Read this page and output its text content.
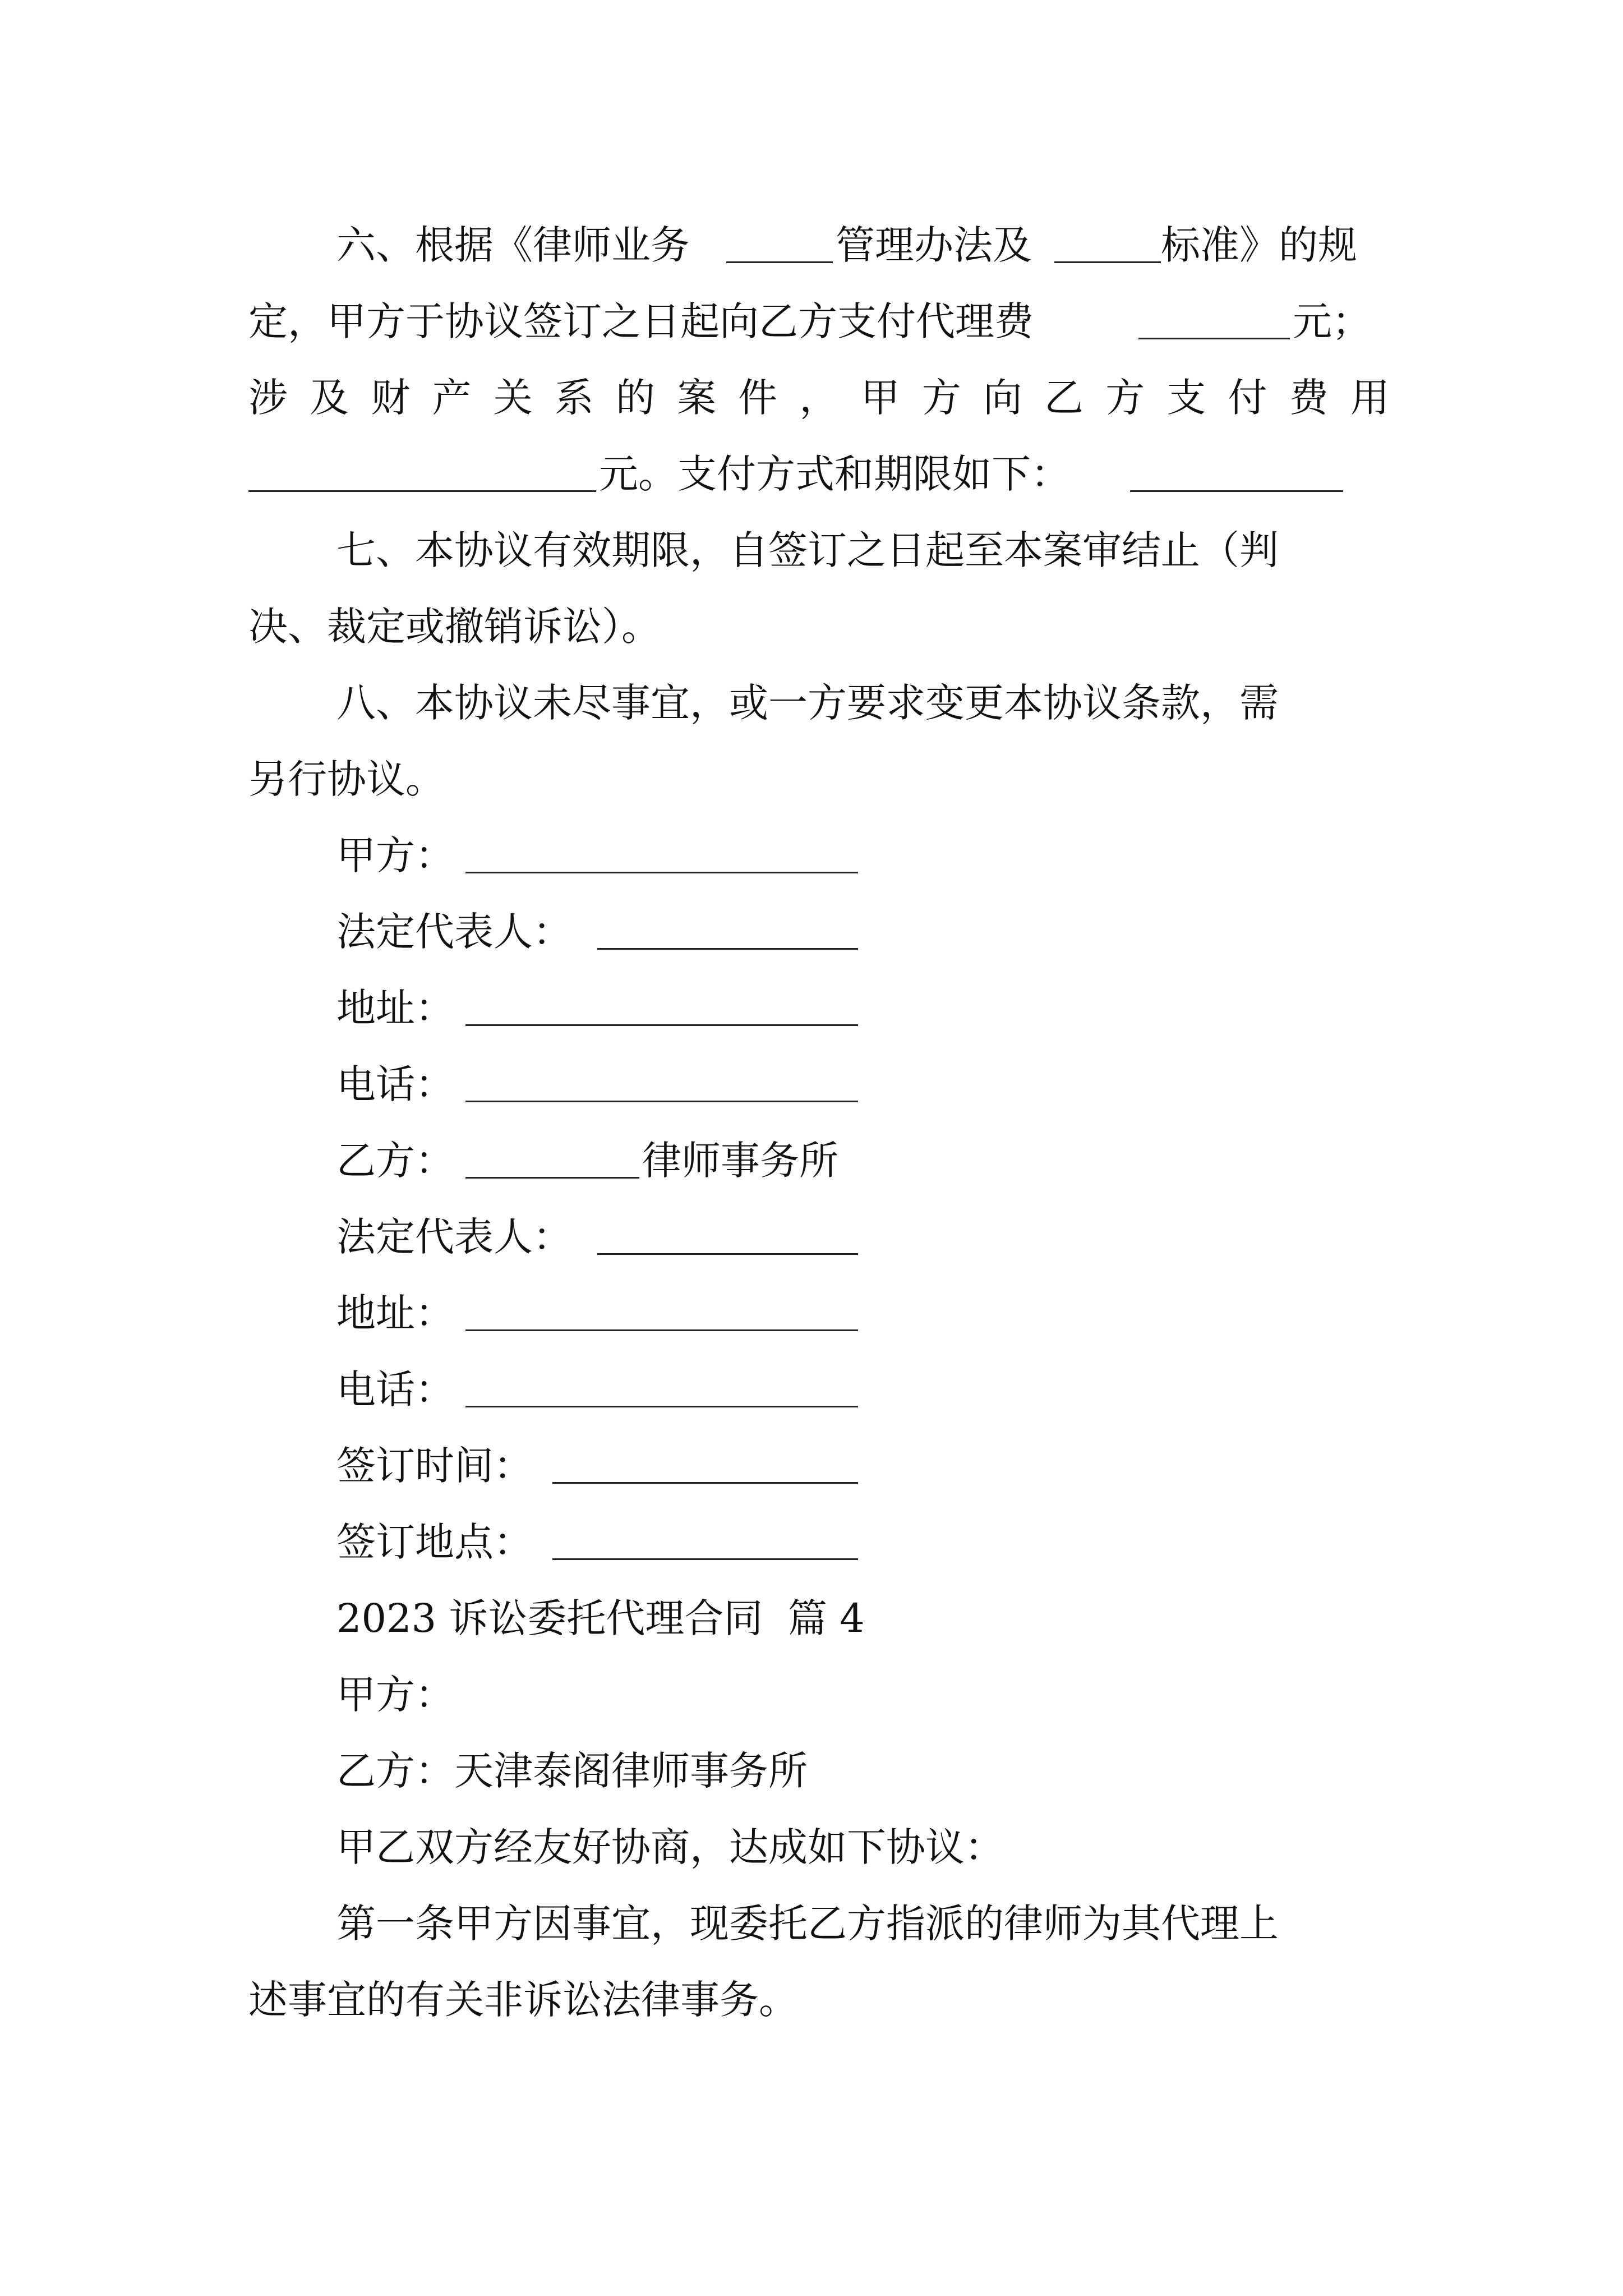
六、根据《律师业务	管理办法及	标准》的规
定，甲方于协议签订之日起向乙方支付代理费	元；
涉 及 财 产 关 系 的 案 件 ， 甲 方 向 乙 方 支 付 费 用
元。支付方式和期限如下：
七、本协议有效期限，自签订之日起至本案审结止（判
决、裁定或撤销诉讼）。
八、本协议未尽事宜，或一方要求变更本协议条款，需
另行协议。
甲方：
法定代表人：
地址：
电话：
乙方：	律师事务所
法定代表人：
地址：
电话：
签订时间：
签订地点：
2023 诉讼委托代理合同  篇 4
甲方：
乙方：天津泰阁律师事务所
甲乙双方经友好协商，达成如下协议：
第一条甲方因事宜，现委托乙方指派的律师为其代理上
述事宜的有关非诉讼法律事务。
